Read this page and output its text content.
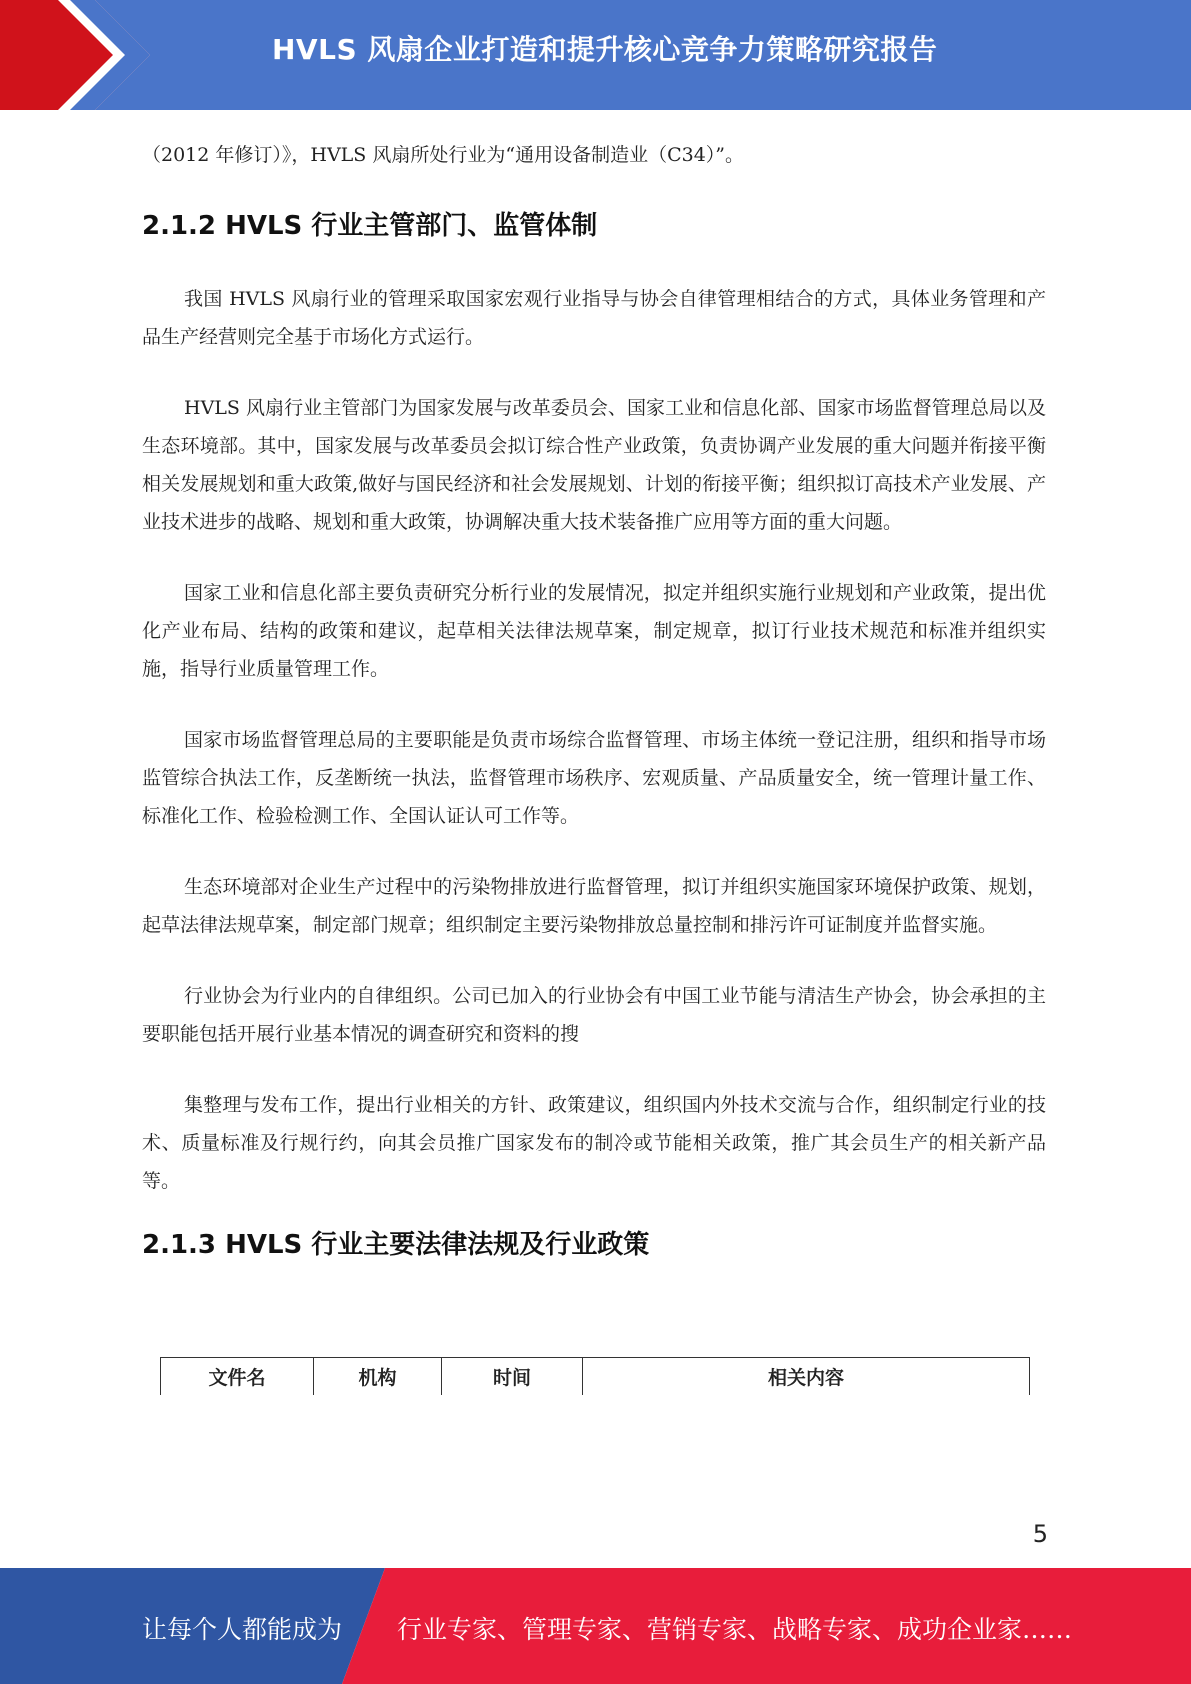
HVLS 风扇企业打造和提升核心竞争力策略研究报告

（2012 年修订）》，HVLS 风扇所处行业为“通用设备制造业（C34）”。

2.1.2 HVLS 行业主管部门、监管体制

我国 HVLS 风扇行业的管理采取国家宏观行业指导与协会自律管理相结合的方式，具体业务管理和产品生产经营则完全基于市场化方式运行。

HVLS 风扇行业主管部门为国家发展与改革委员会、国家工业和信息化部、国家市场监督管理总局以及生态环境部。其中，国家发展与改革委员会拟订综合性产业政策，负责协调产业发展的重大问题并衔接平衡相关发展规划和重大政策,做好与国民经济和社会发展规划、计划的衔接平衡；组织拟订高技术产业发展、产业技术进步的战略、规划和重大政策，协调解决重大技术装备推广应用等方面的重大问题。

国家工业和信息化部主要负责研究分析行业的发展情况，拟定并组织实施行业规划和产业政策，提出优化产业布局、结构的政策和建议，起草相关法律法规草案，制定规章，拟订行业技术规范和标准并组织实施，指导行业质量管理工作。

国家市场监督管理总局的主要职能是负责市场综合监督管理、市场主体统一登记注册，组织和指导市场监管综合执法工作，反垄断统一执法，监督管理市场秩序、宏观质量、产品质量安全，统一管理计量工作、标准化工作、检验检测工作、全国认证认可工作等。

生态环境部对企业生产过程中的污染物排放进行监督管理，拟订并组织实施国家环境保护政策、规划，起草法律法规草案，制定部门规章；组织制定主要污染物排放总量控制和排污许可证制度并监督实施。

行业协会为行业内的自律组织。公司已加入的行业协会有中国工业节能与清洁生产协会，协会承担的主要职能包括开展行业基本情况的调查研究和资料的搜

集整理与发布工作，提出行业相关的方针、政策建议，组织国内外技术交流与合作，组织制定行业的技术、质量标准及行规行约，向其会员推广国家发布的制冷或节能相关政策，推广其会员生产的相关新产品等。

2.1.3 HVLS 行业主要法律法规及行业政策
文件名	机构	时间	相关内容
5
让每个人都能成为 行业专家、管理专家、营销专家、战略专家、成功企业家……
